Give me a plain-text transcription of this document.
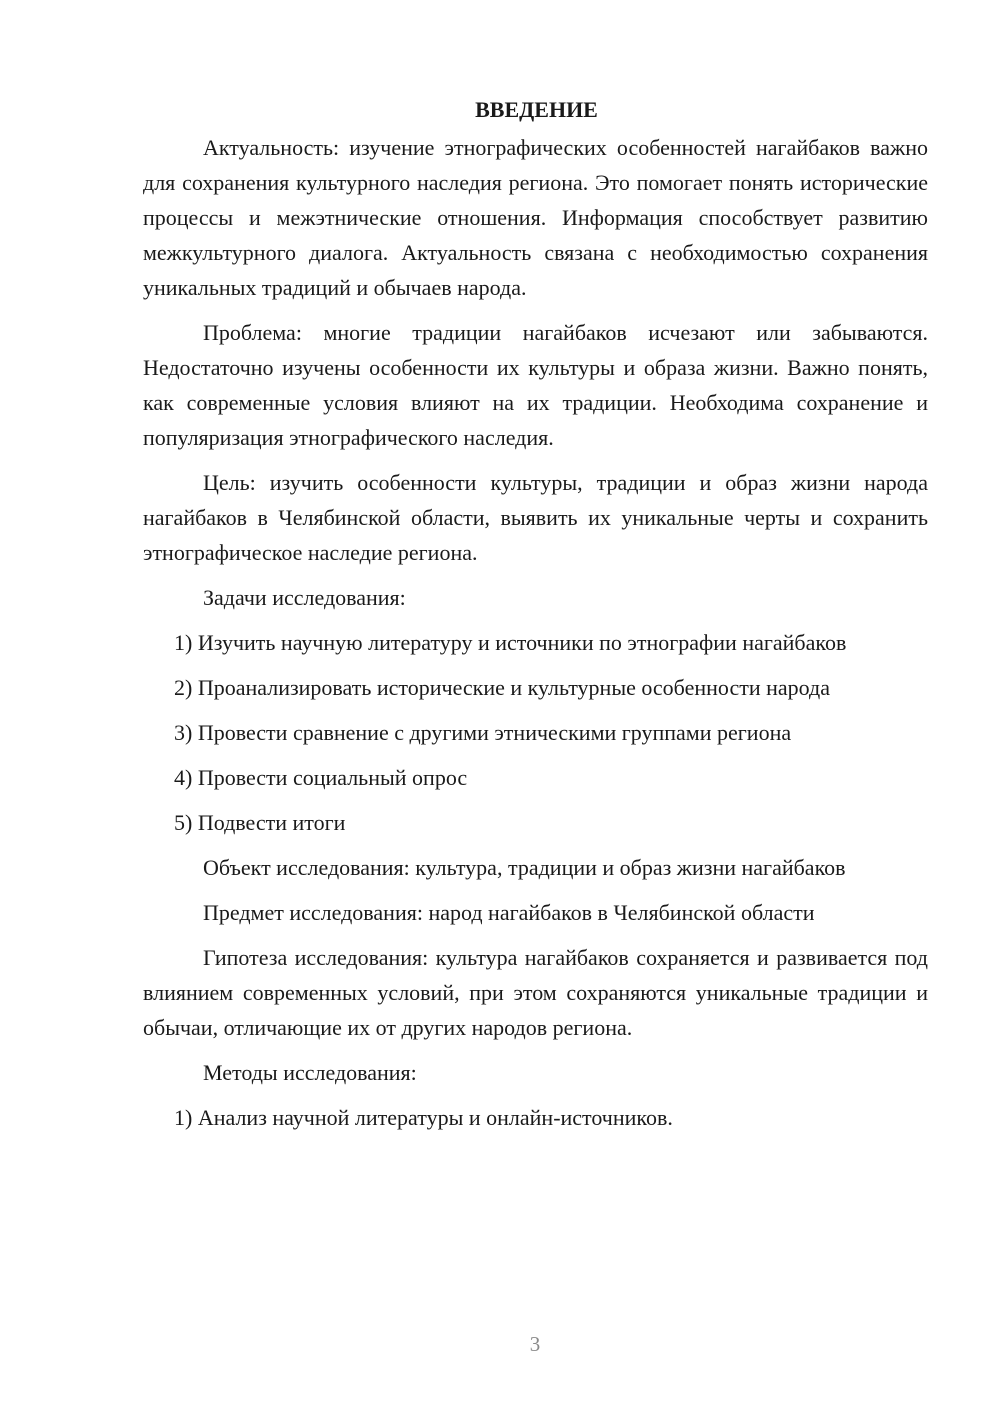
ВВЕДЕНИЕ

Актуальность: изучение этнографических особенностей нагайбаков важно для сохранения культурного наследия региона. Это помогает понять исторические процессы и межэтнические отношения. Информация способствует развитию межкультурного диалога. Актуальность связана с необходимостью сохранения уникальных традиций и обычаев народа.

Проблема: многие традиции нагайбаков исчезают или забываются. Недостаточно изучены особенности их культуры и образа жизни. Важно понять, как современные условия влияют на их традиции. Необходима сохранение и популяризация этнографического наследия.

Цель: изучить особенности культуры, традиции и образ жизни народа нагайбаков в Челябинской области, выявить их уникальные черты и сохранить этнографическое наследие региона.

Задачи исследования:

1) Изучить научную литературу и источники по этнографии нагайбаков

2) Проанализировать исторические и культурные особенности народа

3) Провести сравнение с другими этническими группами региона

4) Провести социальный опрос

5) Подвести итоги

Объект исследования: культура, традиции и образ жизни нагайбаков

Предмет исследования: народ нагайбаков в Челябинской области

Гипотеза исследования: культура нагайбаков сохраняется и развивается под влиянием современных условий, при этом сохраняются уникальные традиции и обычаи, отличающие их от других народов региона.

Методы исследования:

1) Анализ научной литературы и онлайн-источников.

3
